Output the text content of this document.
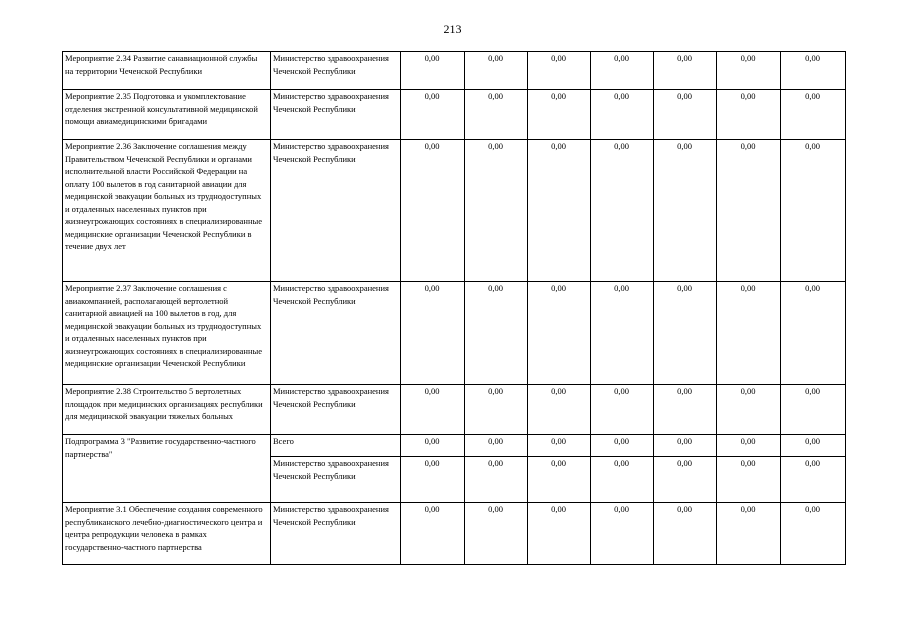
213
Мероприятие 2.34 Развитие санавиационной службы на территории Чеченской Республики	Министерство здравоохранения Чеченской Республики	0,00	0,00	0,00	0,00	0,00	0,00	0,00
Мероприятие 2.35 Подготовка и укомплектование отделения экстренной консультативной медицинской помощи авиамедицинскими бригадами	Министерство здравоохранения Чеченской Республики	0,00	0,00	0,00	0,00	0,00	0,00	0,00
Мероприятие 2.36 Заключение соглашения между Правительством Чеченской Республики и органами исполнительной власти Российской Федерации на оплату 100 вылетов в год санитарной авиации для медицинской эвакуации больных из труднодоступных и отдаленных населенных пунктов при жизнеугрожающих состояниях в специализированные медицинские организации Чеченской Республики в течение двух лет	Министерство здравоохранения Чеченской Республики	0,00	0,00	0,00	0,00	0,00	0,00	0,00
Мероприятие 2.37 Заключение соглашения с авиакомпанией, располагающей вертолетной санитарной авиацией на 100 вылетов в год, для медицинской эвакуации больных из труднодоступных и отдаленных населенных пунктов при жизнеугрожающих состояниях в специализированные медицинские организации Чеченской Республики	Министерство здравоохранения Чеченской Республики	0,00	0,00	0,00	0,00	0,00	0,00	0,00
Мероприятие 2.38 Строительство 5 вертолетных площадок при медицинских организациях республики для медицинской эвакуации тяжелых больных	Министерство здравоохранения Чеченской Республики	0,00	0,00	0,00	0,00	0,00	0,00	0,00
Подпрограмма 3 "Развитие государственно-частного партнерства"	Всего	0,00	0,00	0,00	0,00	0,00	0,00	0,00
	Министерство здравоохранения Чеченской Республики	0,00	0,00	0,00	0,00	0,00	0,00	0,00
Мероприятие 3.1 Обеспечение создания современного республиканского лечебно-диагностического центра и центра репродукции человека в рамках государственно-частного партнерства	Министерство здравоохранения Чеченской Республики	0,00	0,00	0,00	0,00	0,00	0,00	0,00
